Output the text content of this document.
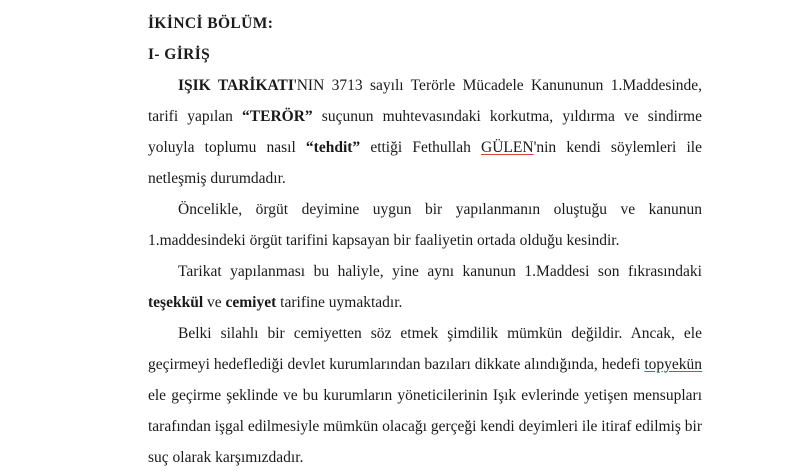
İKİNCİ BÖLÜM:

I- GİRİŞ

IŞIK TARİKATI'NIN 3713 sayılı Terörle Mücadele Kanununun 1.Maddesinde, tarifi yapılan “TERÖR” suçunun muhtevasındaki korkutma, yıldırma ve sindirme yoluyla toplumu nasıl “tehdit” ettiği Fethullah GÜLEN'nin kendi söylemleri ile netleşmiş durumdadır.

Öncelikle, örgüt deyimine uygun bir yapılanmanın oluştuğu ve kanunun 1.maddesindeki örgüt tarifini kapsayan bir faaliyetin ortada olduğu kesindir.

Tarikat yapılanması bu haliyle, yine aynı kanunun 1.Maddesi son fıkrasındaki teşekkül ve cemiyet tarifine uymaktadır.

Belki silahlı bir cemiyetten söz etmek şimdilik mümkün değildir. Ancak, ele geçirmeyi hedeflediği devlet kurumlarından bazıları dikkate alındığında, hedefi topyekün ele geçirme şeklinde ve bu kurumların yöneticilerinin Işık evlerinde yetişen mensupları tarafından işgal edilmesiyle mümkün olacağı gerçeği kendi deyimleri ile itiraf edilmiş bir suç olarak karşımızdadır.
